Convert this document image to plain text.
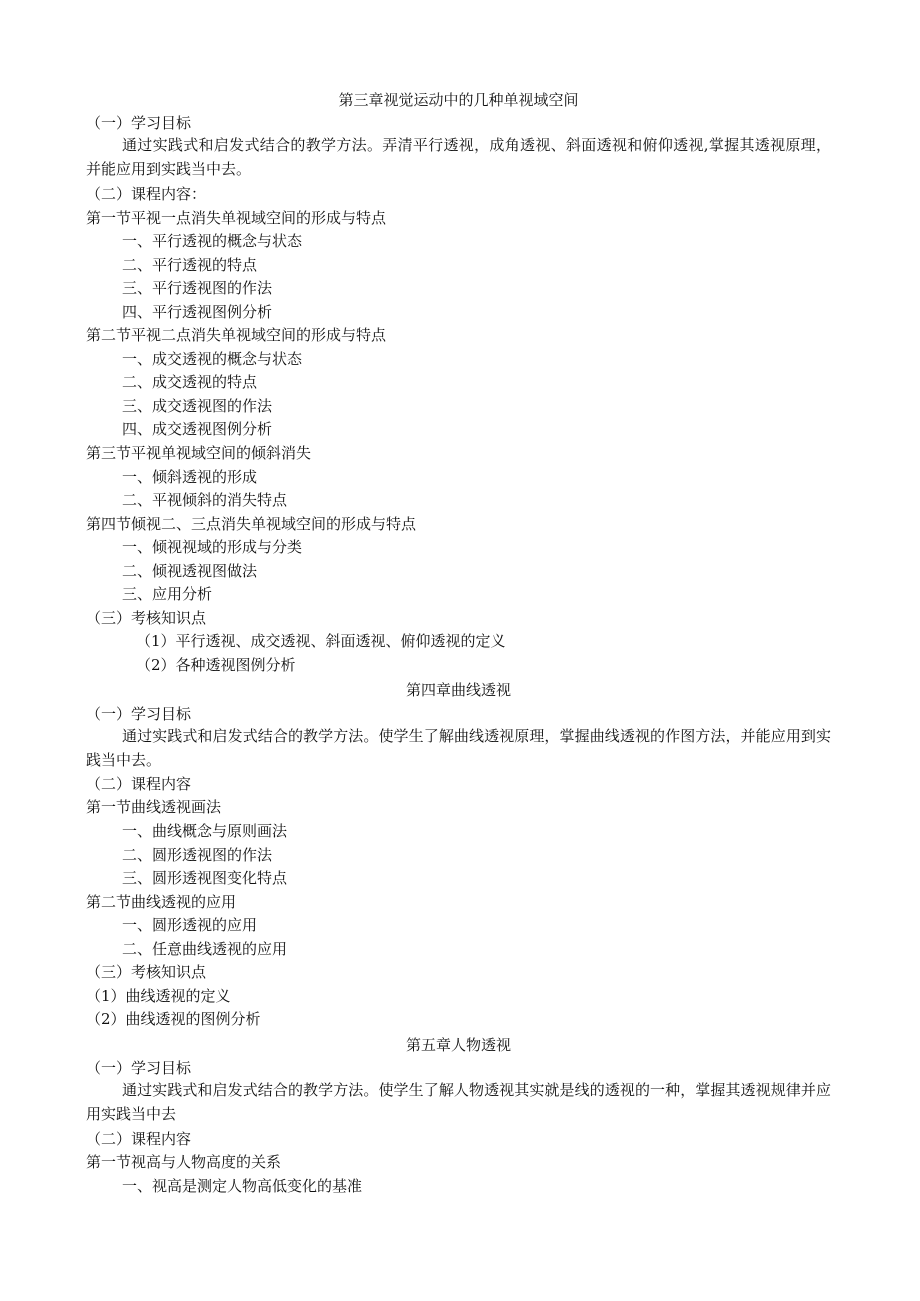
第三章视觉运动中的几种单视域空间
（一）学习目标
通过实践式和启发式结合的教学方法。弄清平行透视，成角透视、斜面透视和俯仰透视,掌握其透视原理，并能应用到实践当中去。
（二）课程内容：
第一节平视一点消失单视域空间的形成与特点
一、平行透视的概念与状态
二、平行透视的特点
三、平行透视图的作法
四、平行透视图例分析
第二节平视二点消失单视域空间的形成与特点
一、成交透视的概念与状态
二、成交透视的特点
三、成交透视图的作法
四、成交透视图例分析
第三节平视单视域空间的倾斜消失
一、倾斜透视的形成
二、平视倾斜的消失特点
第四节倾视二、三点消失单视域空间的形成与特点
一、倾视视域的形成与分类
二、倾视透视图做法
三、应用分析
（三）考核知识点
（1）平行透视、成交透视、斜面透视、俯仰透视的定义
（2）各种透视图例分析
第四章曲线透视
（一）学习目标
通过实践式和启发式结合的教学方法。使学生了解曲线透视原理，掌握曲线透视的作图方法，并能应用到实践当中去。
（二）课程内容
第一节曲线透视画法
一、曲线概念与原则画法
二、圆形透视图的作法
三、圆形透视图变化特点
第二节曲线透视的应用
一、圆形透视的应用
二、任意曲线透视的应用
（三）考核知识点
（1）曲线透视的定义
（2）曲线透视的图例分析
第五章人物透视
（一）学习目标
通过实践式和启发式结合的教学方法。使学生了解人物透视其实就是线的透视的一种，掌握其透视规律并应用实践当中去
（二）课程内容
第一节视高与人物高度的关系
一、视高是测定人物高低变化的基准
